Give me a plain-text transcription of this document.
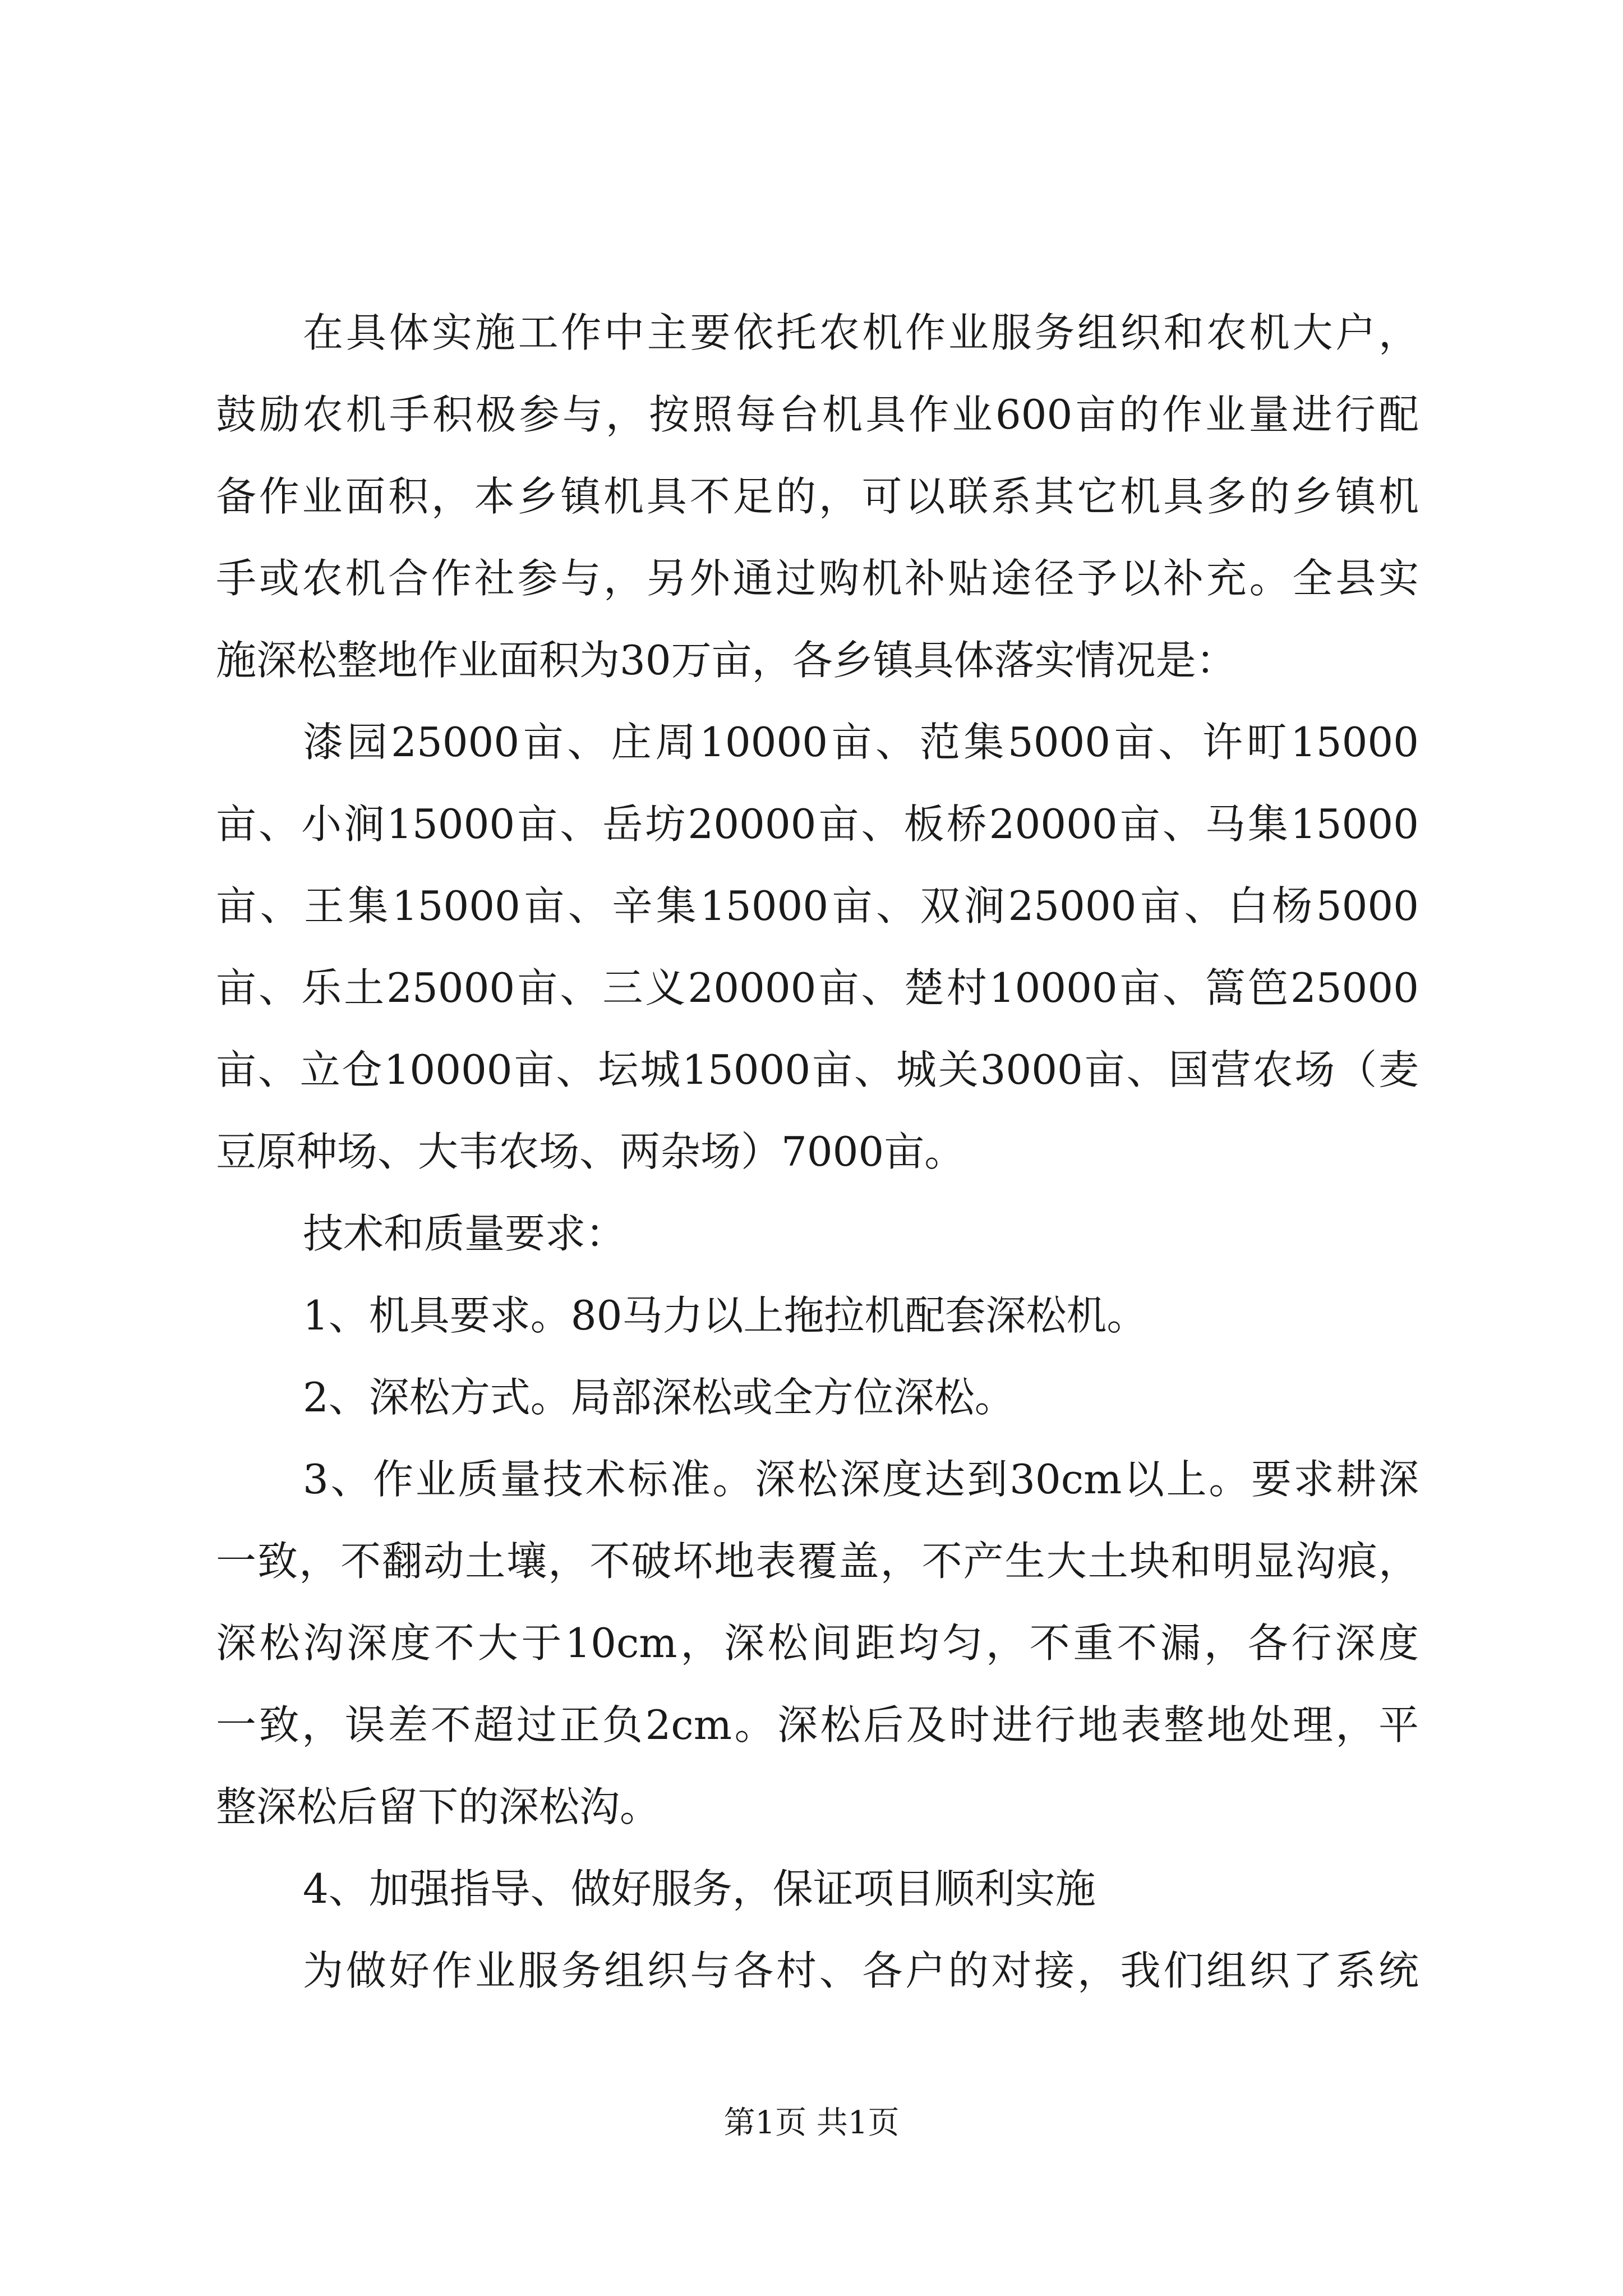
在具体实施工作中主要依托农机作业服务组织和农机大户，
鼓励农机手积极参与，按照每台机具作业600亩的作业量进行配
备作业面积，本乡镇机具不足的，可以联系其它机具多的乡镇机
手或农机合作社参与，另外通过购机补贴途径予以补充。全县实
施深松整地作业面积为30万亩，各乡镇具体落实情况是：
漆园25000亩、庄周10000亩、范集5000亩、许町15000
亩、小涧15000亩、岳坊20000亩、板桥20000亩、马集15000
亩、王集15000亩、辛集15000亩、双涧25000亩、白杨5000
亩、乐土25000亩、三义20000亩、楚村10000亩、篙笆25000
亩、立仓10000亩、坛城15000亩、城关3000亩、国营农场（麦
豆原种场、大韦农场、两杂场）7000亩。
技术和质量要求：
1、机具要求。80马力以上拖拉机配套深松机。
2、深松方式。局部深松或全方位深松。
3、作业质量技术标准。深松深度达到30cm以上。要求耕深
一致，不翻动土壤，不破坏地表覆盖，不产生大土块和明显沟痕，
深松沟深度不大于10cm，深松间距均匀，不重不漏，各行深度
一致，误差不超过正负2cm。深松后及时进行地表整地处理，平
整深松后留下的深松沟。
4、加强指导、做好服务，保证项目顺利实施
为做好作业服务组织与各村、各户的对接，我们组织了系统
第1页 共1页
